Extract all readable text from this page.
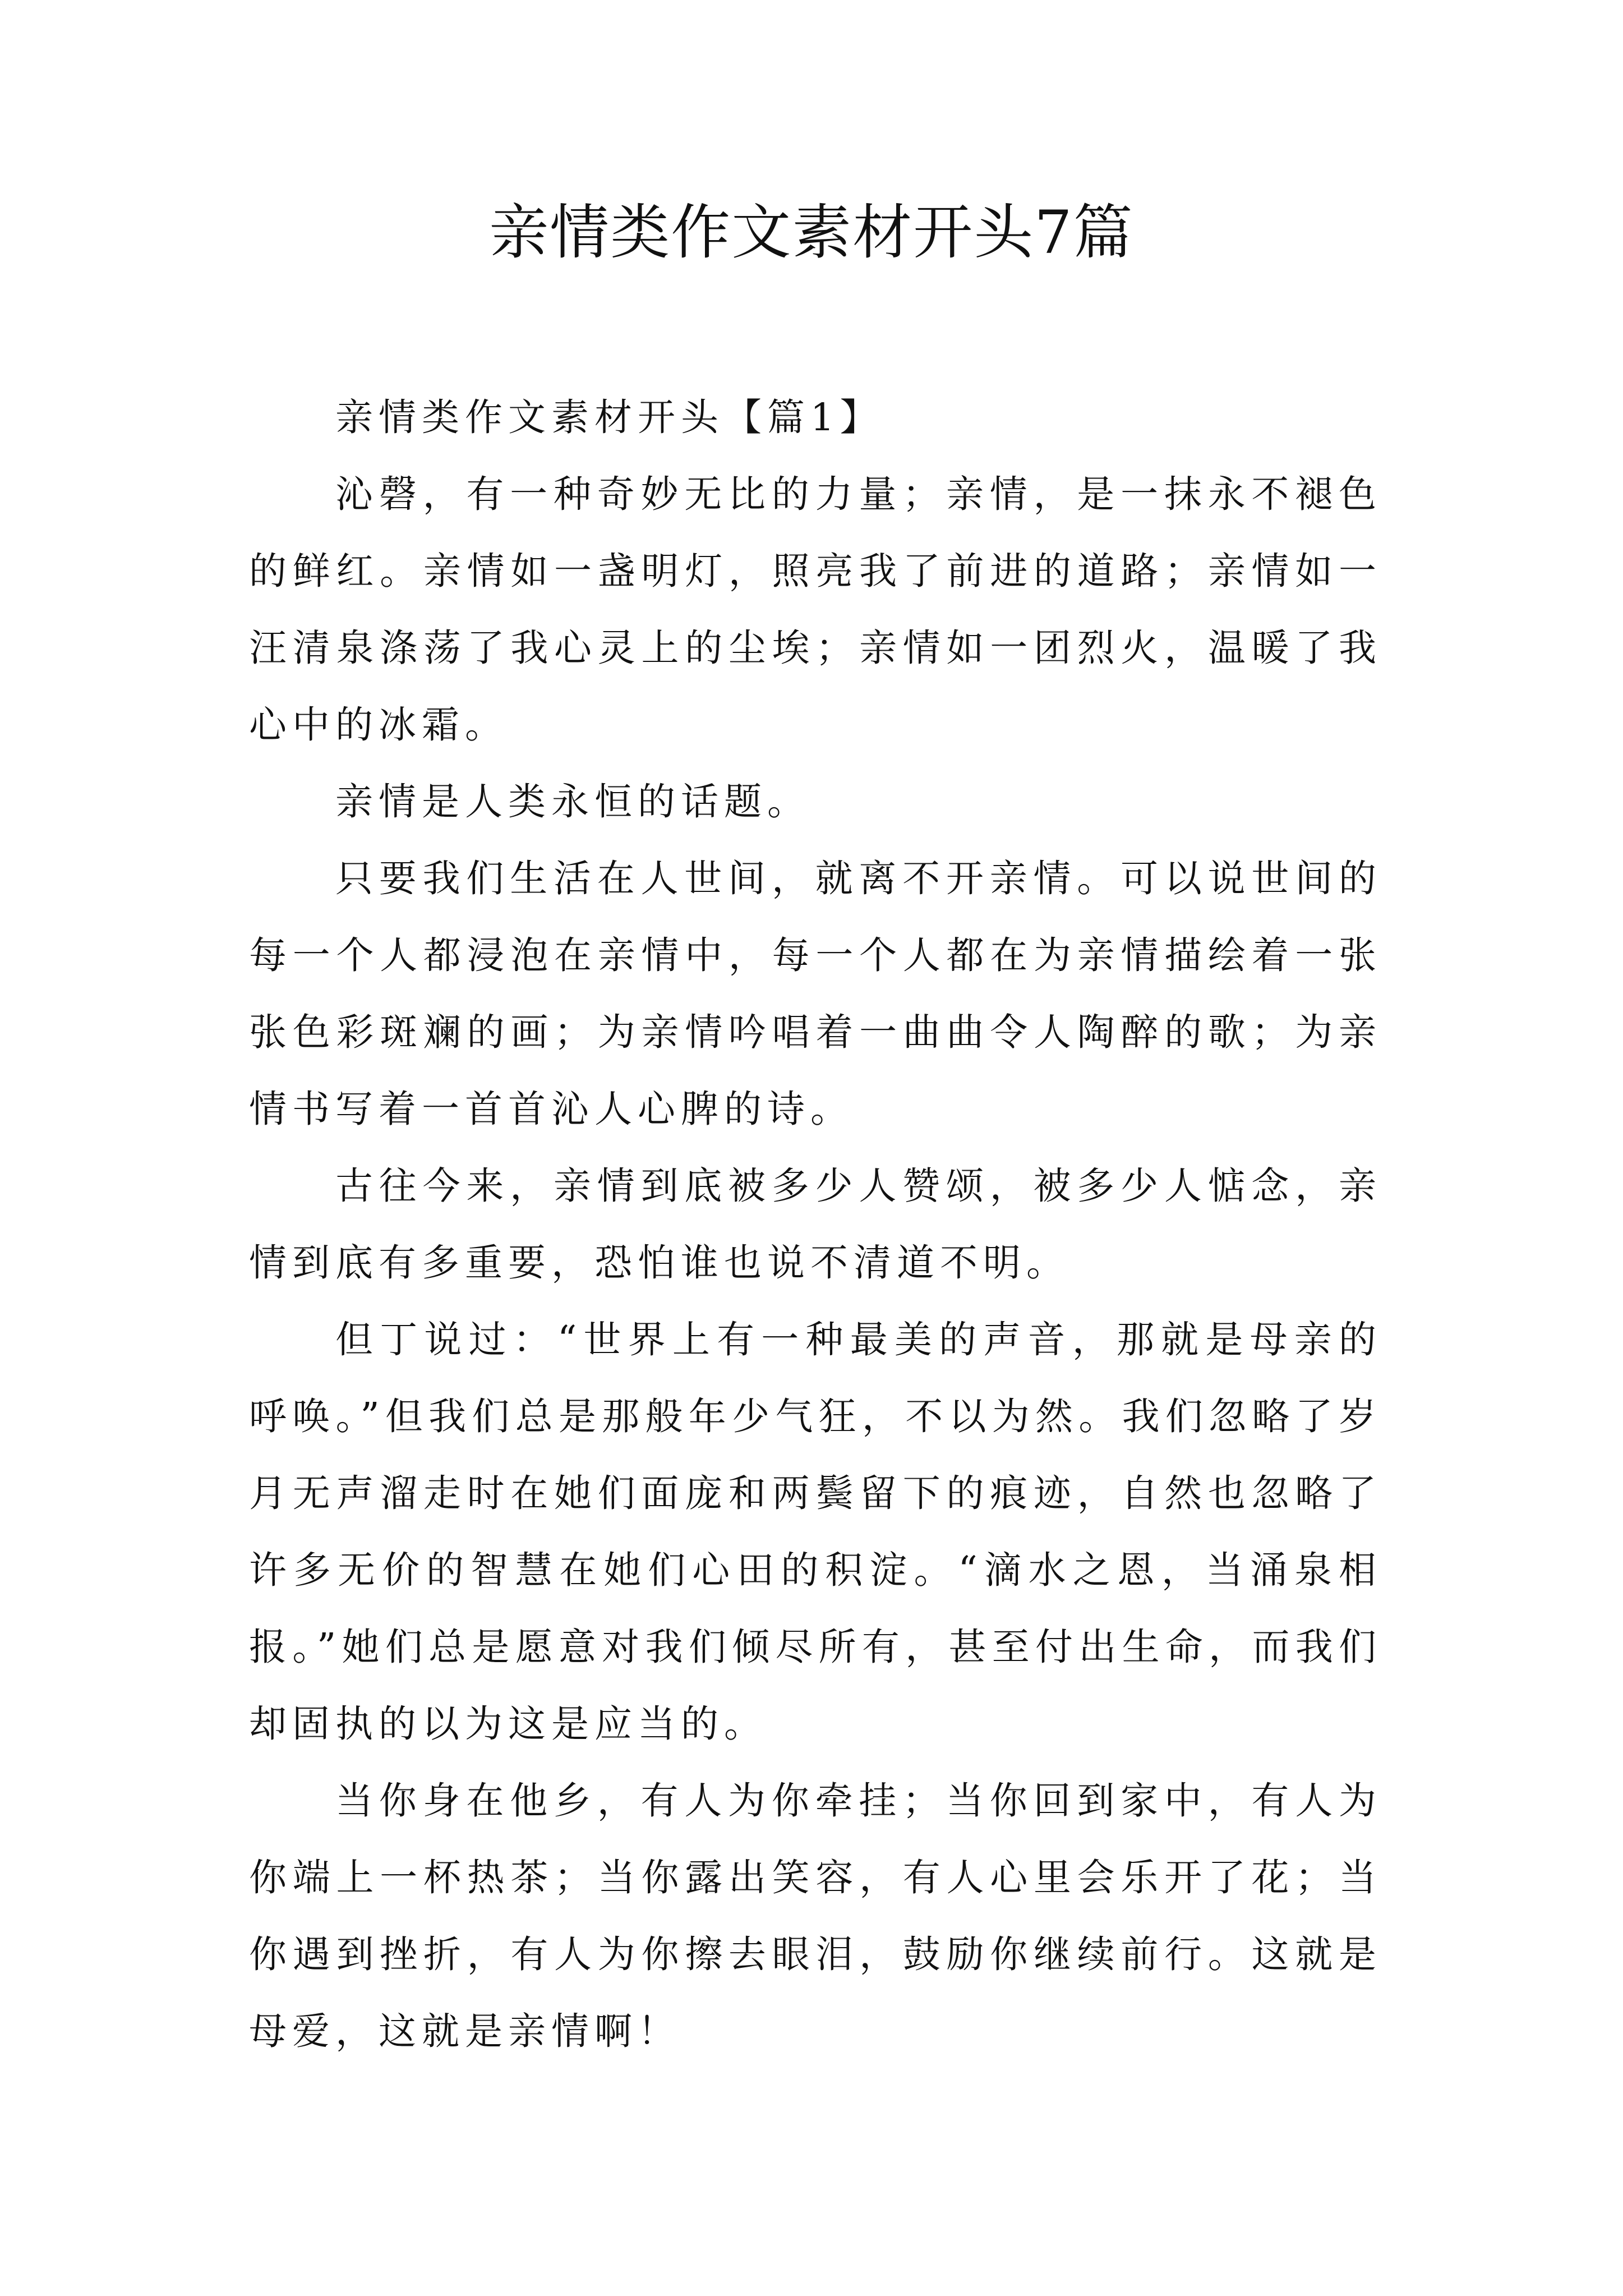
亲情类作文素材开头7篇

亲情类作文素材开头【篇1】

沁磬，有一种奇妙无比的力量；亲情，是一抹永不褪色的鲜红。亲情如一盏明灯，照亮我了前进的道路；亲情如一汪清泉涤荡了我心灵上的尘埃；亲情如一团烈火，温暖了我心中的冰霜。

亲情是人类永恒的话题。

只要我们生活在人世间，就离不开亲情。可以说世间的每一个人都浸泡在亲情中，每一个人都在为亲情描绘着一张张色彩斑斓的画；为亲情吟唱着一曲曲令人陶醉的歌；为亲情书写着一首首沁人心脾的诗。

古往今来，亲情到底被多少人赞颂，被多少人惦念，亲情到底有多重要，恐怕谁也说不清道不明。

但丁说过：“世界上有一种最美的声音，那就是母亲的呼唤。”但我们总是那般年少气狂，不以为然。我们忽略了岁月无声溜走时在她们面庞和两鬓留下的痕迹，自然也忽略了许多无价的智慧在她们心田的积淀。“滴水之恩，当涌泉相报。”她们总是愿意对我们倾尽所有，甚至付出生命，而我们却固执的以为这是应当的。

当你身在他乡，有人为你牵挂；当你回到家中，有人为你端上一杯热茶；当你露出笑容，有人心里会乐开了花；当你遇到挫折，有人为你擦去眼泪，鼓励你继续前行。这就是母爱，这就是亲情啊！
